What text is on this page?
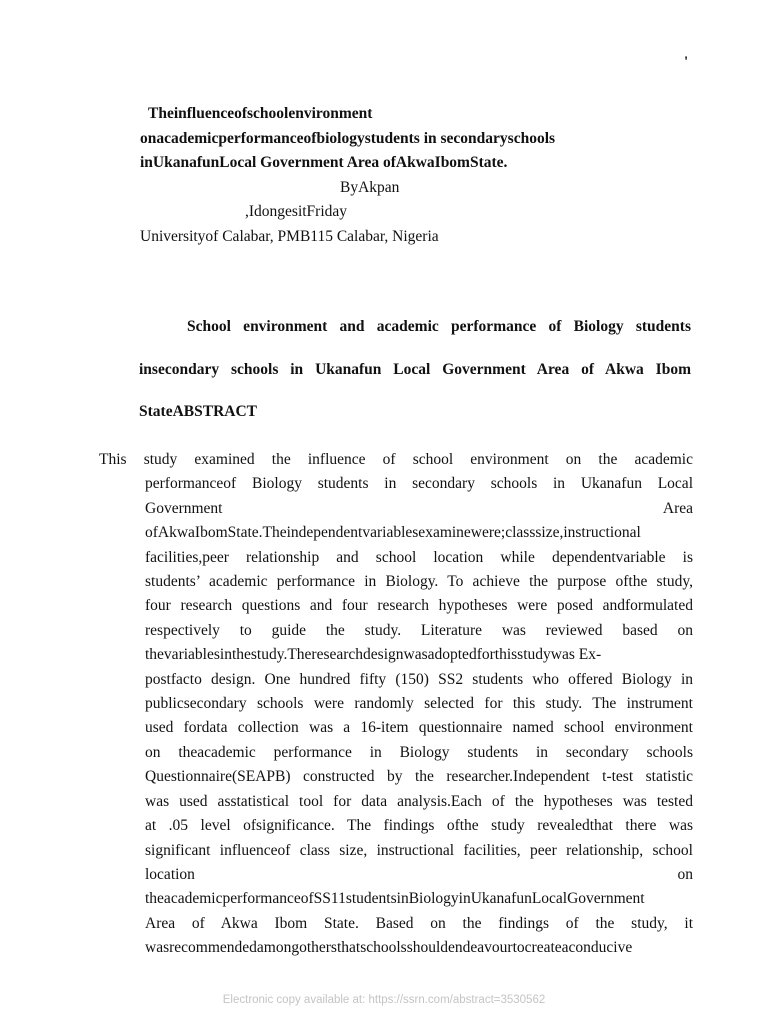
'
Theinfluenceofschoolenvironment
onacademicperformanceofbiologystudents in secondaryschools
inUkanafunLocal Government Area ofAkwaIbomState.
ByAkpan
,IdongesitFriday
Universityof Calabar, PMB115 Calabar, Nigeria
School environment and academic performance of Biology students
insecondary schools in Ukanafun Local Government Area of Akwa Ibom
StateABSTRACT
This study examined the influence of school environment on the academic
performanceof Biology students in secondary schools in Ukanafun Local
Government Area
ofAkwaIbomState.Theindependentvariablesexaminewere;classsize,instructional
facilities,peer relationship and school location while dependentvariable is
students’ academic performance in Biology. To achieve the purpose ofthe study,
four research questions and four research hypotheses were posed andformulated
respectively to guide the study. Literature was reviewed based on
thevariablesinthestudy.Theresearchdesignwasadoptedforthisstudywas Ex-
postfacto design. One hundred fifty (150) SS2 students who offered Biology in
publicsecondary schools were randomly selected for this study. The instrument
used fordata collection was a 16-item questionnaire named school environment
on theacademic performance in Biology students in secondary schools
Questionnaire(SEAPB) constructed by the researcher.Independent t-test statistic
was used asstatistical tool for data analysis.Each of the hypotheses was tested
at .05 level ofsignificance. The findings ofthe study revealedthat there was
significant influenceof class size, instructional facilities, peer relationship, school
location on
theacademicperformanceofSS11studentsinBiologyinUkanafunLocalGovernment
Area of Akwa Ibom State. Based on the findings of the study, it
wasrecommendedamongothersthatschoolsshouldendeavourtocreateaconducive
Electronic copy available at: https://ssrn.com/abstract=3530562
